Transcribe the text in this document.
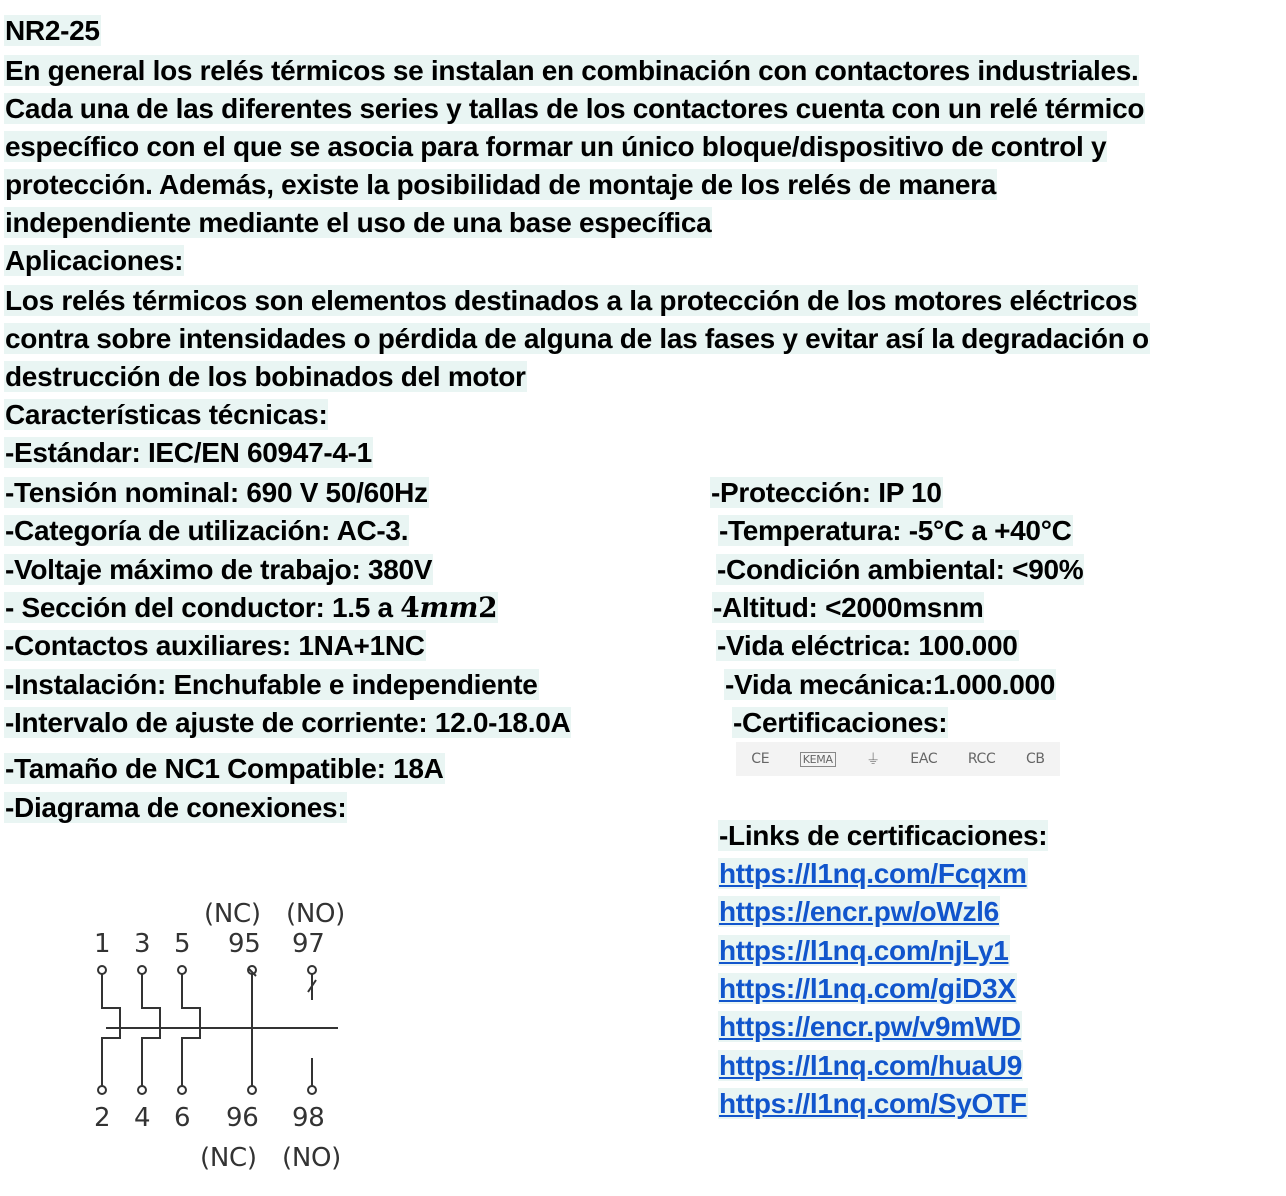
NR2-25
En general los relés térmicos se instalan en combinación con contactores industriales.
Cada una de las diferentes series y tallas de los contactores cuenta con un relé térmico
específico con el que se asocia para formar un único bloque/dispositivo de control y
protección. Además, existe la posibilidad de montaje de los relés de manera
independiente mediante el uso de una base específica
Aplicaciones:
Los relés térmicos son elementos destinados a la protección de los motores eléctricos
contra sobre intensidades o pérdida de alguna de las fases y evitar así la degradación o
destrucción de los bobinados del motor
Características técnicas:
-Estándar: IEC/EN 60947-4-1
-Tensión nominal: 690 V 50/60Hz
-Categoría de utilización: AC-3.
-Voltaje máximo de trabajo: 380V
- Sección del conductor: 1.5 a 4mm2
-Contactos auxiliares: 1NA+1NC
-Instalación: Enchufable e independiente
-Intervalo de ajuste de corriente: 12.0-18.0A
-Tamaño de NC1 Compatible: 18A
-Diagrama de conexiones:
-Protección: IP 10
-Temperatura: -5°C a +40°C
-Condición ambiental: <90%
-Altitud: <2000msnm
-Vida eléctrica: 100.000
-Vida mecánica:1.000.000
-Certificaciones:
CE	KEMA ⏚ EAC RCC CB
-Links de certificaciones:
https://l1nq.com/Fcqxm
https://encr.pw/oWzl6
https://l1nq.com/njLy1
https://l1nq.com/giD3X
https://encr.pw/v9mWD
https://l1nq.com/huaU9
https://l1nq.com/SyOTF
(NC) (NO)
1 3 5 95 97
2 4 6 96 98
(NC) (NO)
